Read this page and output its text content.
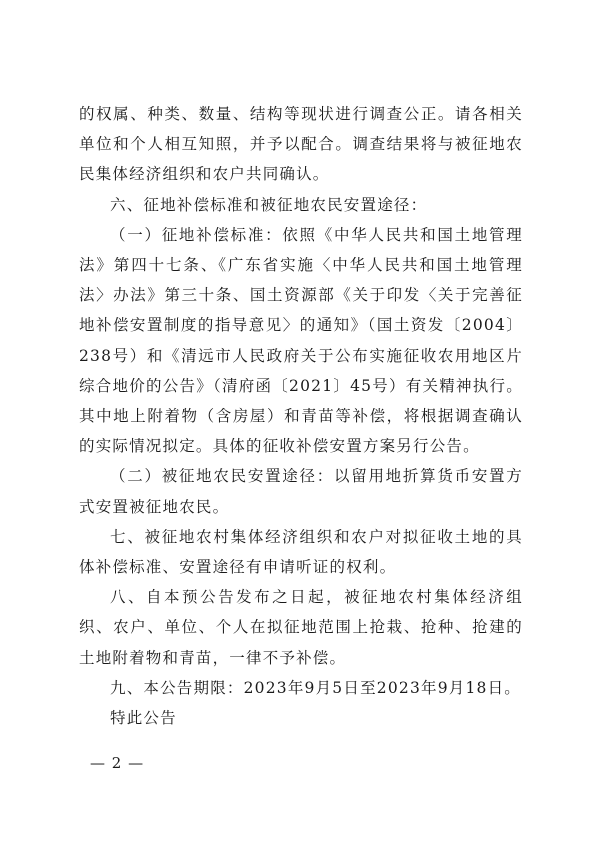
的权属、种类、数量、结构等现状进行调查公正。请各相关单位和个人相互知照，并予以配合。调查结果将与被征地农民集体经济组织和农户共同确认。

六、征地补偿标准和被征地农民安置途径：

（一）征地补偿标准：依照《中华人民共和国土地管理法》第四十七条、《广东省实施〈中华人民共和国土地管理法〉办法》第三十条、国土资源部《关于印发〈关于完善征地补偿安置制度的指导意见〉的通知》（国土资发〔2004〕238号）和《清远市人民政府关于公布实施征收农用地区片综合地价的公告》（清府函〔2021〕45号）有关精神执行。其中地上附着物（含房屋）和青苗等补偿，将根据调查确认的实际情况拟定。具体的征收补偿安置方案另行公告。

（二）被征地农民安置途径：以留用地折算货币安置方式安置被征地农民。

七、被征地农村集体经济组织和农户对拟征收土地的具体补偿标准、安置途径有申请听证的权利。

八、自本预公告发布之日起，被征地农村集体经济组织、农户、单位、个人在拟征地范围上抢栽、抢种、抢建的土地附着物和青苗，一律不予补偿。

九、本公告期限：2023年9月5日至2023年9月18日。

特此公告

— 2 —
